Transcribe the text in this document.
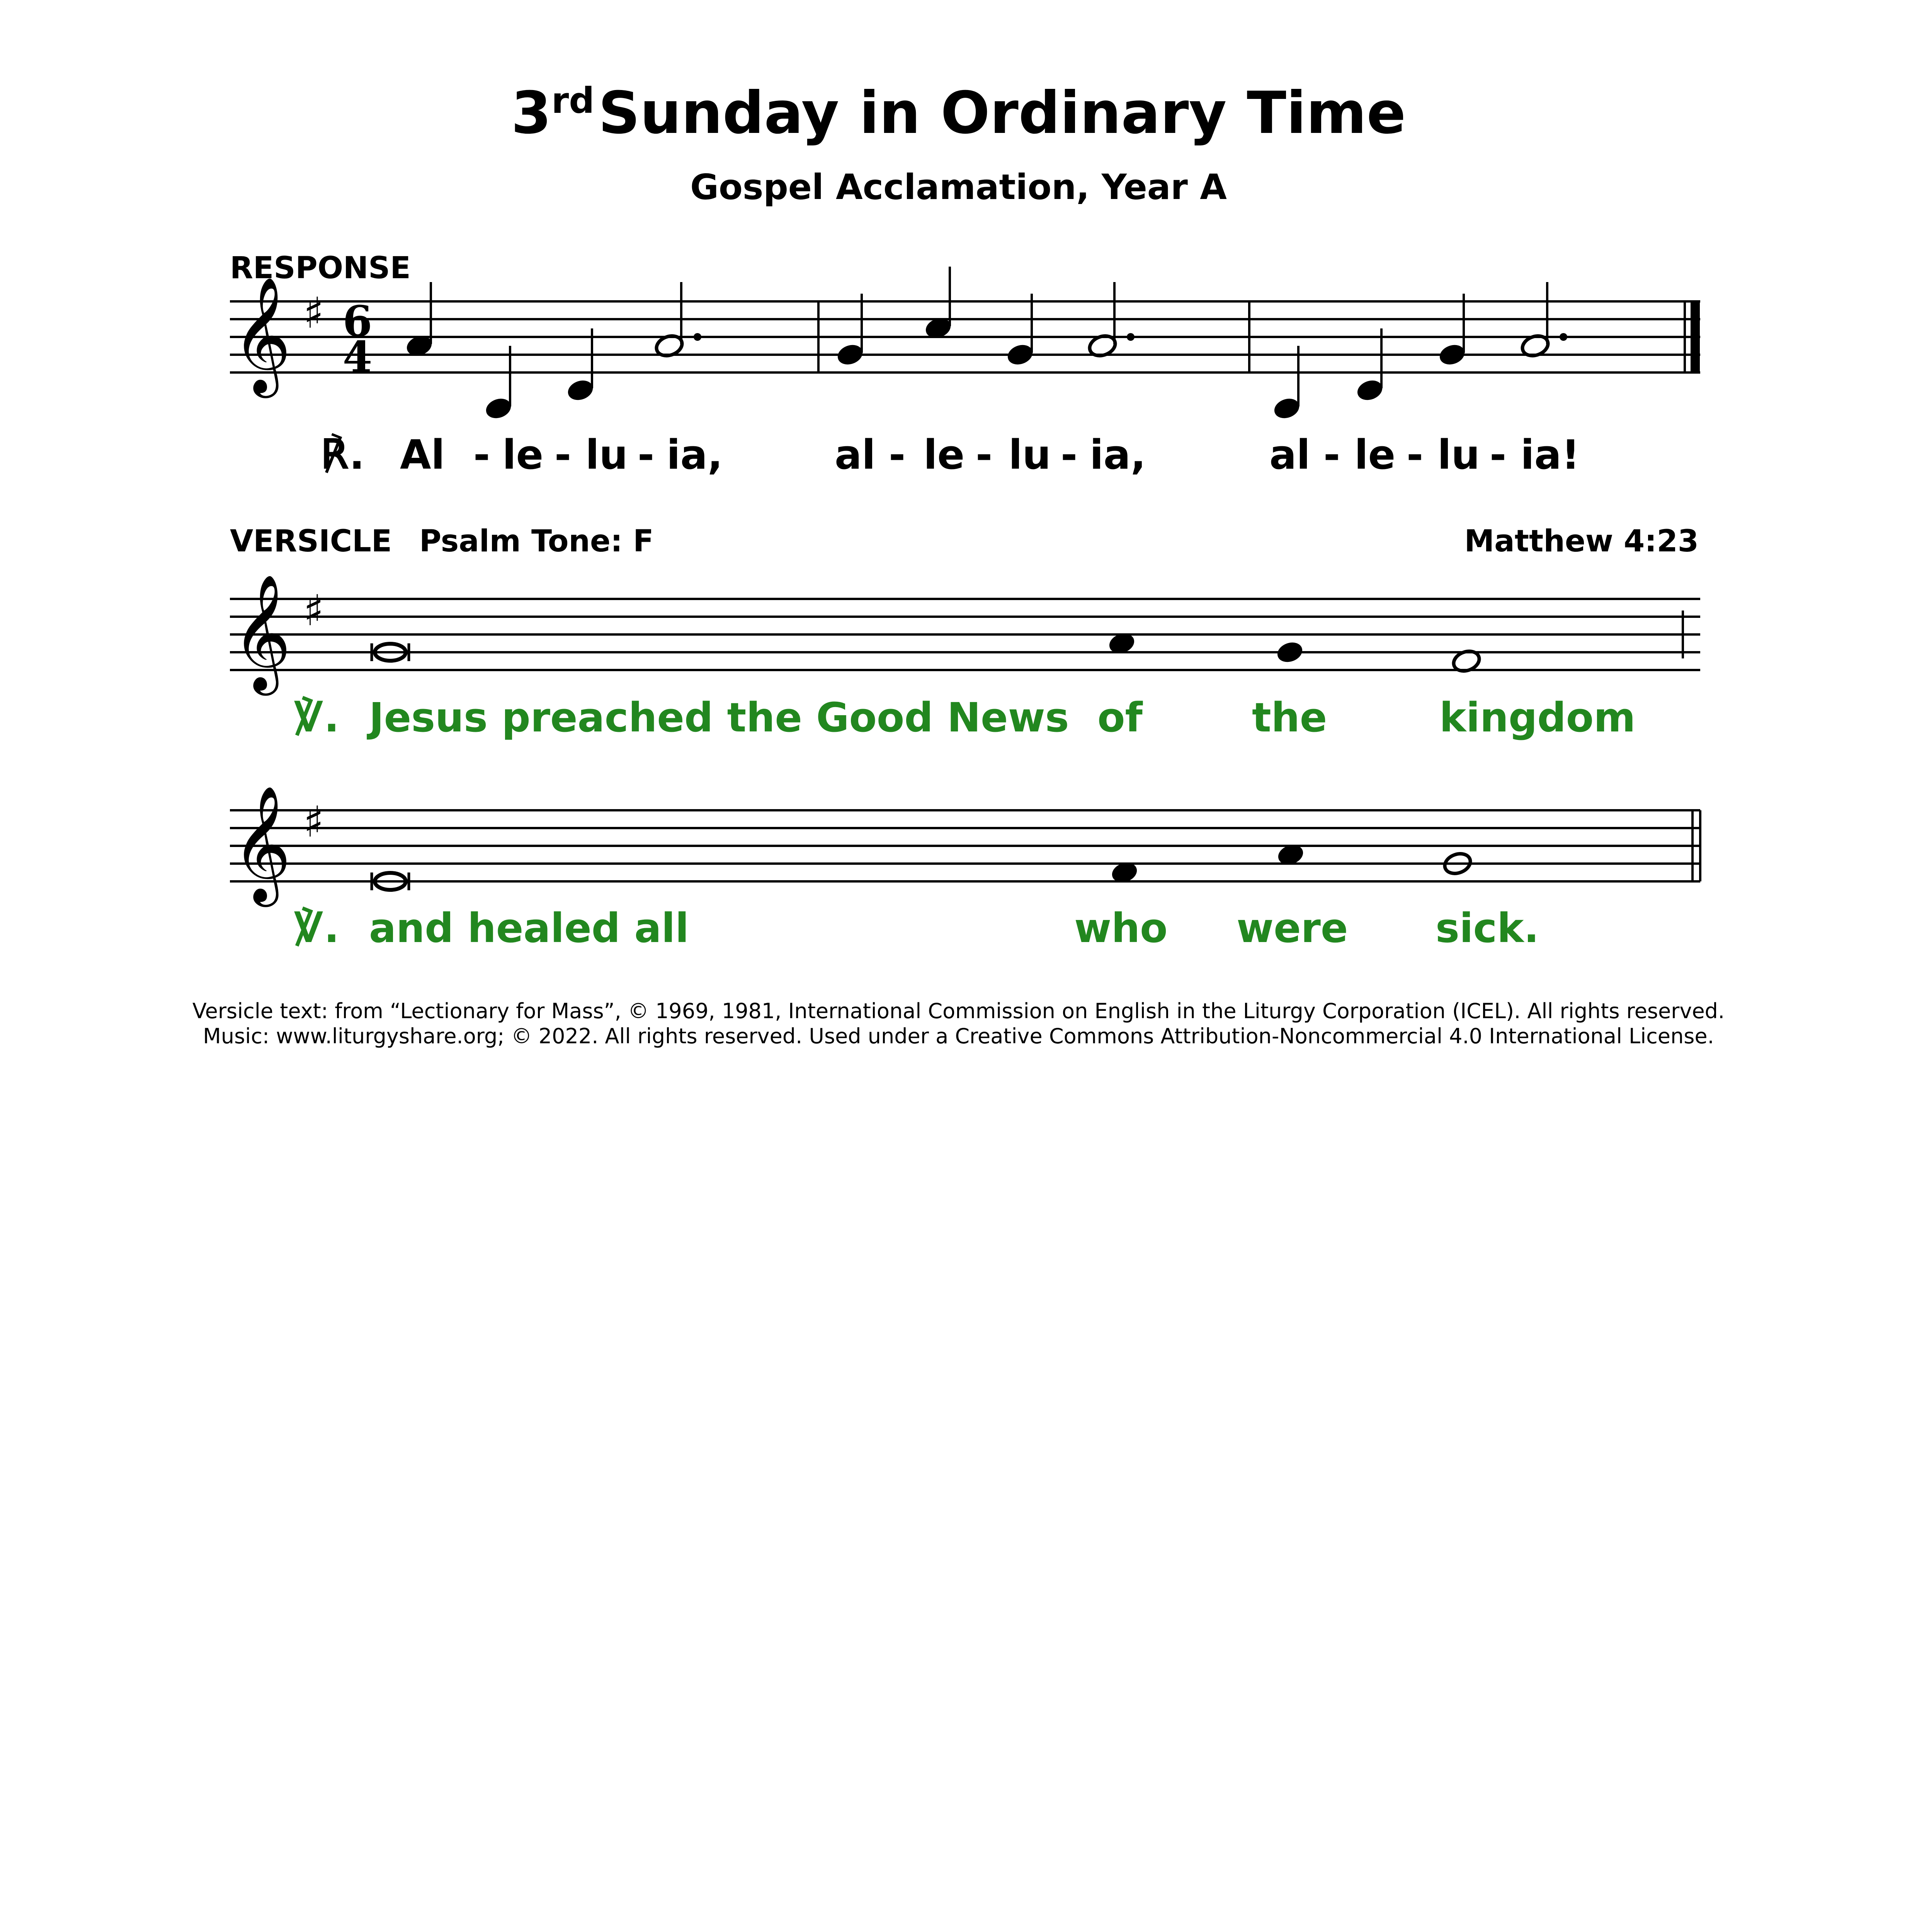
3rdSunday in Ordinary Time
Gospel Acclamation, Year A
RESPONSE
𝄞 ♯ 6
4
𝄞 ♯
𝄞 ♯
℟. Al - le - lu - ia,	al - le - lu - ia,	al - le - lu - ia!
VERSICLE Psalm Tone: F	Matthew 4:23
℣. Jesus preached the Good News of	the	kingdom
℣. and healed all	who were sick.
Versicle text: from “Lectionary for Mass”, © 1969, 1981, International Commission on English in the Liturgy Corporation (ICEL). All rights reserved.
Music: www.liturgyshare.org; © 2022. All rights reserved. Used under a Creative Commons Attribution-Noncommercial 4.0 International License.
